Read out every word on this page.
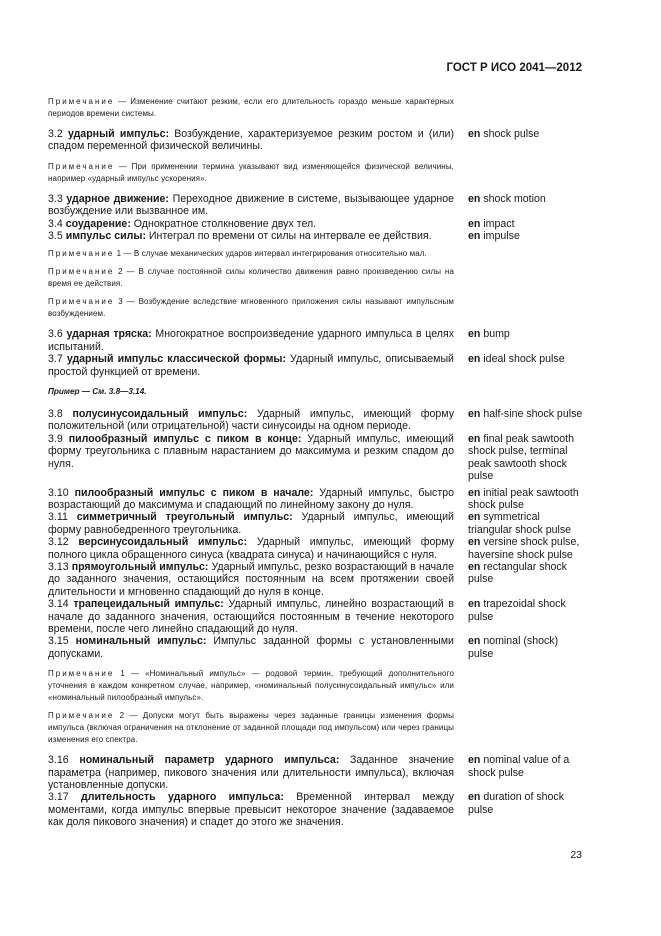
ГОСТ Р ИСО 2041—2012
Примечание — Изменение считают резким, если его длительность гораздо меньше характерных периодов времени системы.
3.2 ударный импульс: Возбуждение, характеризуемое резким ростом и (или) спадом переменной физической величины.
en shock pulse
Примечание — При применении термина указывают вид изменяющейся физической величины, например «ударный импульс ускорения».
3.3 ударное движение: Переходное движение в системе, вызывающее ударное возбуждение или вызванное им.
en shock motion
3.4 соударение: Однократное столкновение двух тел.	en impact
3.5 импульс силы: Интеграл по времени от силы на интервале ее действия.	en impulse
Примечание 1 — В случае механических ударов интервал интегрирования относительно мал.
Примечание 2 — В случае постоянной силы количество движения равно произведению силы на время ее действия.
Примечание 3 — Возбуждение вследствие мгновенного приложения силы называют импульсным возбуждением.
3.6 ударная тряска: Многократное воспроизведение ударного импульса в целях испытаний.
en bump
3.7 ударный импульс классической формы: Ударный импульс, описываемый простой функцией от времени.
en ideal shock pulse
Пример — См. 3.8—3.14.
3.8 полусинусоидальный импульс: Ударный импульс, имеющий форму положительной (или отрицательной) части синусоиды на одном периоде.
en half-sine shock pulse
3.9 пилообразный импульс с пиком в конце: Ударный импульс, имеющий форму треугольника с плавным нарастанием до максимума и резким спадом до нуля.
en final peak sawtooth shock pulse, terminal peak sawtooth shock pulse
3.10 пилообразный импульс с пиком в начале: Ударный импульс, быстро возрастающий до максимума и спадающий по линейному закону до нуля.
en initial peak sawtooth shock pulse
3.11 симметричный треугольный импульс: Ударный импульс, имеющий форму равнобедренного треугольника.
en symmetrical triangular shock pulse
3.12 версинусоидальный импульс: Ударный импульс, имеющий форму полного цикла обращенного синуса (квадрата синуса) и начинающийся с нуля.
en versine shock pulse, haversine shock pulse
3.13 прямоугольный импульс: Ударный импульс, резко возрастающий в начале до заданного значения, остающийся постоянным на всем протяжении своей длительности и мгновенно спадающий до нуля в конце.
en rectangular shock pulse
3.14 трапецеидальный импульс: Ударный импульс, линейно возрастающий в начале до заданного значения, остающийся постоянным в течение некоторого времени, после чего линейно спадающий до нуля.
en trapezoidal shock pulse
3.15 номинальный импульс: Импульс заданной формы с установленными допусками.
en nominal (shock) pulse
Примечание 1 — «Номинальный импульс» — родовой термин, требующий дополнительного уточнения в каждом конкретном случае, например, «номинальный полусинусоидальный импульс» или «номинальный пилообразный импульс».
Примечание 2 — Допуски могут быть выражены через заданные границы изменения формы импульса (включая ограничения на отклонение от заданной площади под импульсом) или через границы изменения его спектра.
3.16 номинальный параметр ударного импульса: Заданное значение параметра (например, пикового значения или длительности импульса), включая установленные допуски.
en nominal value of a shock pulse
3.17 длительность ударного импульса: Временной интервал между моментами, когда импульс впервые превысит некоторое значение (задаваемое как доля пикового значения) и спадет до этого же значения.
en duration of shock pulse
23
